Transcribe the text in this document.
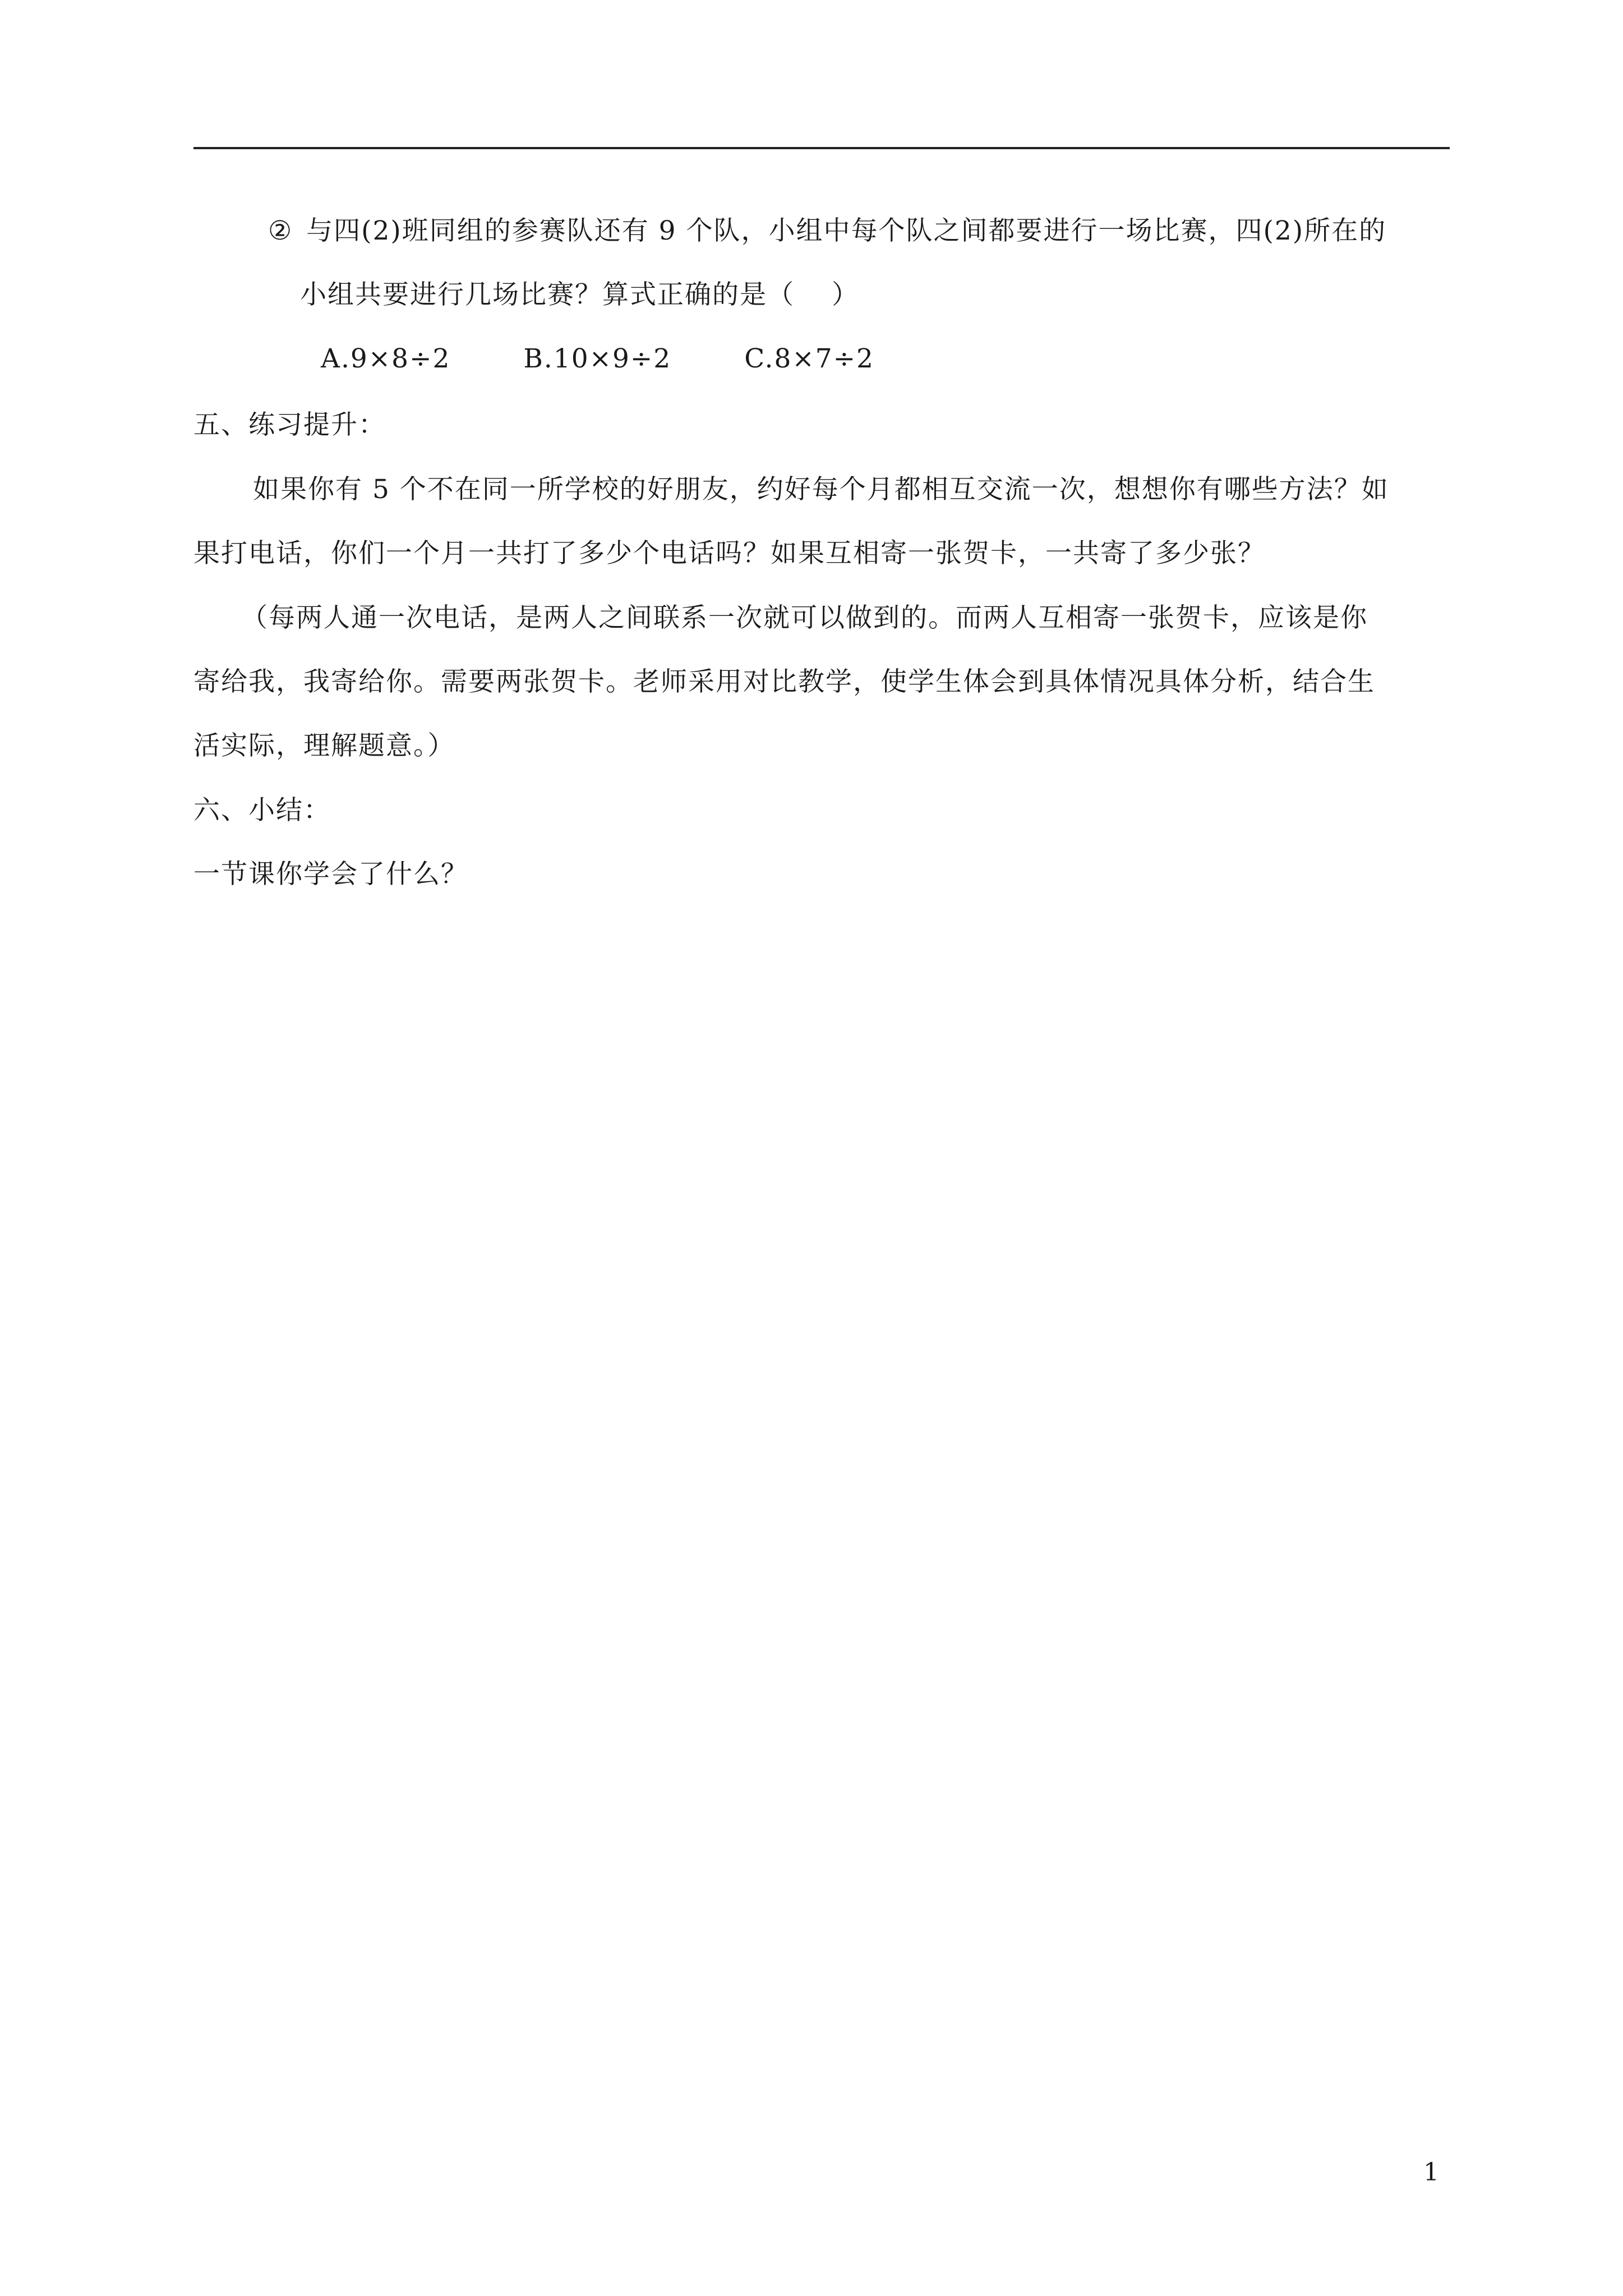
② 与四(2)班同组的参赛队还有 9 个队，小组中每个队之间都要进行一场比赛，四(2)所在的
小组共要进行几场比赛？算式正确的是（　 ）
A.9×8÷2	B.10×9÷2	C.8×7÷2
五、练习提升：
如果你有 5 个不在同一所学校的好朋友，约好每个月都相互交流一次，想想你有哪些方法？如
果打电话，你们一个月一共打了多少个电话吗？如果互相寄一张贺卡，一共寄了多少张？
（每两人通一次电话，是两人之间联系一次就可以做到的。而两人互相寄一张贺卡，应该是你
寄给我，我寄给你。需要两张贺卡。老师采用对比教学，使学生体会到具体情况具体分析，结合生
活实际，理解题意。）
六、小结：
一节课你学会了什么？
1
